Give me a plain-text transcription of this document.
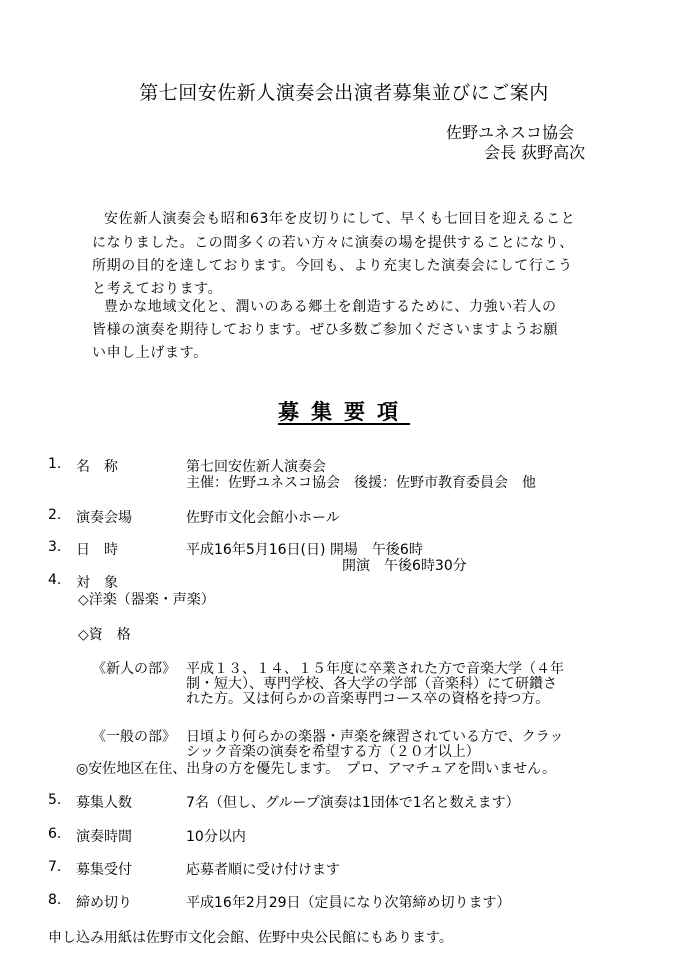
第七回安佐新人演奏会出演者募集並びにご案内
佐野ユネスコ協会
会長 荻野高次
安佐新人演奏会も昭和63年を皮切りにして、早くも七回目を迎えること
になりました。この間多くの若い方々に演奏の場を提供することになり、
所期の目的を達しております。今回も、より充実した演奏会にして行こう
と考えております。
豊かな地域文化と、潤いのある郷土を創造するために、力強い若人の
皆様の演奏を期待しております。ぜひ多数ご参加くださいますようお願
い申し上げます。
募集要項
1. 名　称	第七回安佐新人演奏会
主催：佐野ユネスコ協会　後援：佐野市教育委員会　他
2. 演奏会場	佐野市文化会館小ホール
3. 日　時	平成16年5月16日(日) 開場　午後6時
開演　午後6時30分
4. 対　象
◇洋楽（器楽・声楽）
◇資　格
《新人の部》 平成１３、１４、１５年度に卒業された方で音楽大学（４年
制・短大）、専門学校、各大学の学部（音楽科）にて研鑽さ
れた方。又は何らかの音楽専門コース卒の資格を持つ方。
《一般の部》 日頃より何らかの楽器・声楽を練習されている方で、クラッ
シック音楽の演奏を希望する方（２０才以上）
◎安佐地区在住、出身の方を優先します。　プロ、アマチュアを問いません。
5. 募集人数	7名（但し、グループ演奏は1団体で1名と数えます）
6. 演奏時間	10分以内
7. 募集受付	応募者順に受け付けます
8. 締め切り	平成16年2月29日（定員になり次第締め切ります）
申し込み用紙は佐野市文化会館、佐野中央公民館にもあります。
